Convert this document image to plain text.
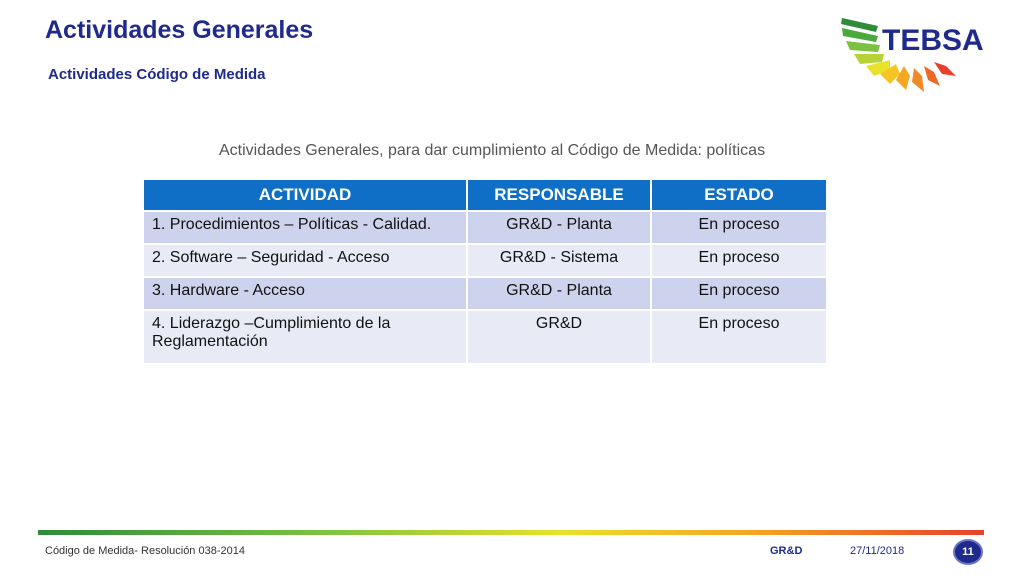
Actividades Generales
Actividades Código de Medida
TEBSA
Actividades Generales, para dar cumplimiento al Código de Medida: políticas
ACTIVIDAD	RESPONSABLE	ESTADO
1. Procedimientos – Políticas - Calidad.	GR&D - Planta	En proceso
2. Software – Seguridad - Acceso	GR&D - Sistema	En proceso
3. Hardware - Acceso	GR&D - Planta	En proceso
4. Liderazgo –Cumplimiento de la Reglamentación	GR&D	En proceso
Código de Medida- Resolución 038-2014	GR&D	27/11/2018	11
